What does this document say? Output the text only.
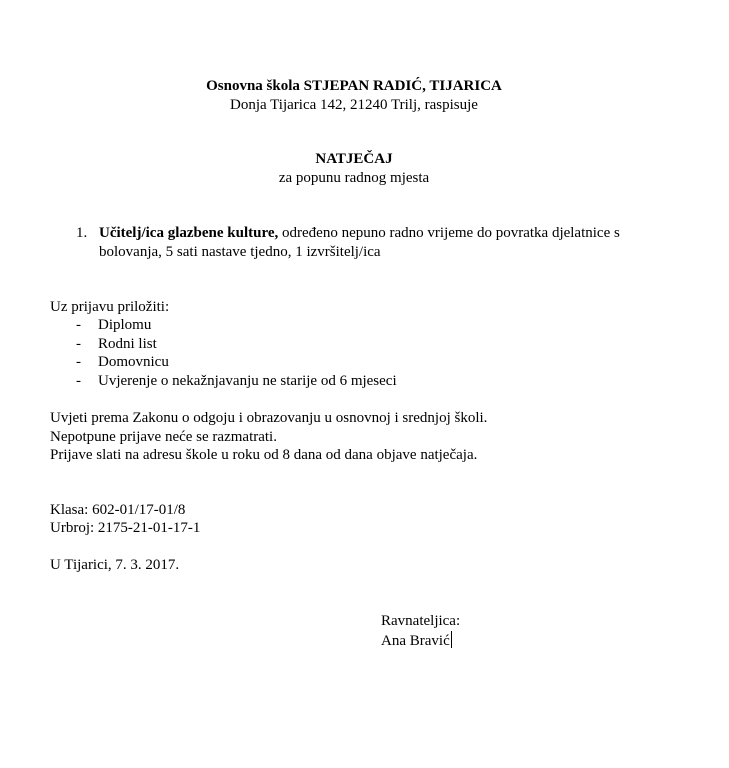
Osnovna škola STJEPAN RADIĆ, TIJARICA
Donja Tijarica 142, 21240 Trilj, raspisuje
NATJEČAJ
za popunu radnog mjesta
1. Učitelj/ica glazbene kulture, određeno nepuno radno vrijeme do povratka djelatnice s bolovanja, 5 sati nastave tjedno, 1 izvršitelj/ica
Uz prijavu priložiti:
- Diplomu
- Rodni list
- Domovnicu
- Uvjerenje o nekažnjavanju ne starije od 6 mjeseci
Uvjeti prema Zakonu o odgoju i obrazovanju u osnovnoj i srednjoj školi.
Nepotpune prijave neće se razmatrati.
Prijave slati na adresu škole u roku od 8 dana od dana objave natječaja.
Klasa: 602-01/17-01/8
Urbroj: 2175-21-01-17-1
U Tijarici, 7. 3. 2017.
Ravnateljica:
Ana Bravić
